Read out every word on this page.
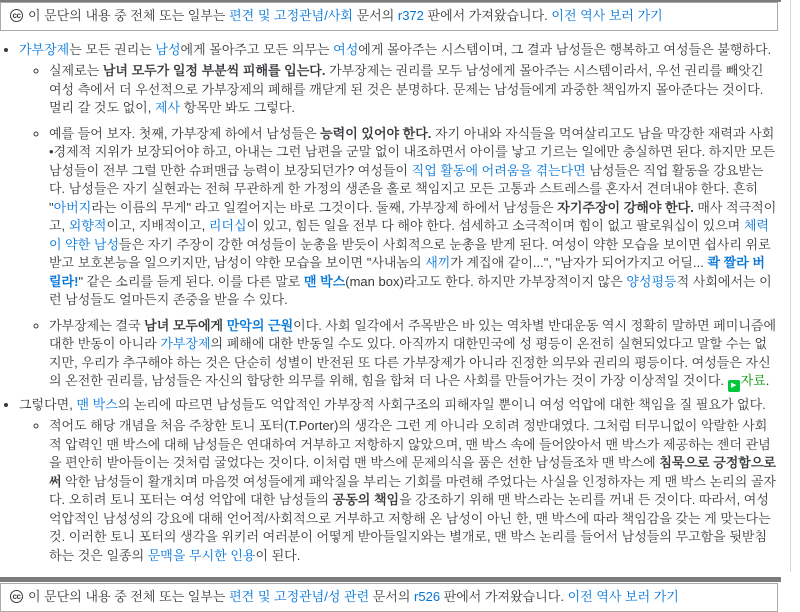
cc 이 문단의 내용 중 전체 또는 일부는 편견 및 고정관념/사회 문서의 r372 판에서 가져왔습니다. 이전 역사 보러 가기
• 가부장제는 모든 권리는 남성에게 몰아주고 모든 의무는 여성에게 몰아주는 시스템이며, 그 결과 남성들은 행복하고 여성들은 불행하다.
◦ 실제로는 남녀 모두가 일정 부분씩 피해를 입는다. 가부장제는 권리를 모두 남성에게 몰아주는 시스템이라서, 우선 권리를 빼앗긴 여성 측에서 더 우선적으로 가부장제의 폐해를 깨닫게 된 것은 분명하다. 문제는 남성들에게 과중한 책임까지 몰아준다는 것이다. 멀리 갈 것도 없이, 제사 항목만 봐도 그렇다.
◦ 예를 들어 보자. 첫째, 가부장제 하에서 남성들은 능력이 있어야 한다. 자기 아내와 자식들을 먹여살리고도 남을 막강한 재력과 사회•경제적 지위가 보장되어야 하고, 아내는 그런 남편을 군말 없이 내조하면서 아이를 낳고 기르는 일에만 충실하면 된다. 하지만 모든 남성들이 전부 그럴 만한 슈퍼맨급 능력이 보장되던가? 여성들이 직업 활동에 어려움을 겪는다면 남성들은 직업 활동을 강요받는다. 남성들은 자기 실현과는 전혀 무관하게 한 가정의 생존을 홀로 책임지고 모든 고통과 스트레스를 혼자서 견뎌내야 한다. 흔히 "아버지라는 이름의 무게" 라고 일컬어지는 바로 그것이다. 둘째, 가부장제 하에서 남성들은 자기주장이 강해야 한다. 매사 적극적이고, 외향적이고, 지배적이고, 리더십이 있고, 힘든 일을 전부 다 해야 한다. 섬세하고 소극적이며 힘이 없고 팔로워십이 있으며 체력이 약한 남성들은 자기 주장이 강한 여성들이 눈총을 받듯이 사회적으로 눈총을 받게 된다. 여성이 약한 모습을 보이면 쉽사리 위로받고 보호본능을 일으키지만, 남성이 약한 모습을 보이면 "사내놈의 새끼가 계집애 같이...", "남자가 되어가지고 어딜... 콱 짤라 버릴라!" 같은 소리를 듣게 된다. 이를 다른 말로 맨 박스(man box)라고도 한다. 하지만 가부장적이지 않은 양성평등적 사회에서는 이런 남성들도 얼마든지 존중을 받을 수 있다.
◦ 가부장제는 결국 남녀 모두에게 만악의 근원이다. 사회 일각에서 주목받은 바 있는 역차별 반대운동 역시 정확히 말하면 페미니즘에 대한 반동이 아니라 가부장제의 폐해에 대한 반동일 수도 있다. 아직까지 대한민국에 성 평등이 온전히 실현되었다고 말할 수는 없지만, 우리가 추구해야 하는 것은 단순히 성별이 반전된 또 다른 가부장제가 아니라 진정한 의무와 권리의 평등이다. 여성들은 자신의 온전한 권리를, 남성들은 자신의 합당한 의무를 위해, 힘을 합쳐 더 나은 사회를 만들어가는 것이 가장 이상적일 것이다. ▶ 자료.
• 그렇다면, 맨 박스의 논리에 따르면 남성들도 억압적인 가부장적 사회구조의 피해자일 뿐이니 여성 억압에 대한 책임을 질 필요가 없다.
◦ 적어도 해당 개념을 처음 주창한 토니 포터(T.Porter)의 생각은 그런 게 아니라 오히려 정반대였다. 그처럼 터무니없이 악랄한 사회적 압력인 맨 박스에 대해 남성들은 연대하여 거부하고 저항하지 않았으며, 맨 박스 속에 들어앉아서 맨 박스가 제공하는 젠더 관념을 편안히 받아들이는 것처럼 굴었다는 것이다. 이처럼 맨 박스에 문제의식을 품은 선한 남성들조차 맨 박스에 침묵으로 긍정함으로써 악한 남성들이 활개치며 마음껏 여성들에게 패악질을 부리는 기회를 마련해 주었다는 사실을 인정하자는 게 맨 박스 논리의 골자다. 오히려 토니 포터는 여성 억압에 대한 남성들의 공동의 책임을 강조하기 위해 맨 박스라는 논리를 꺼내 든 것이다. 따라서, 여성 억압적인 남성성의 강요에 대해 언어적/사회적으로 거부하고 저항해 온 남성이 아닌 한, 맨 박스에 따라 책임감을 갖는 게 맞는다는 것. 이러한 토니 포터의 생각을 위키러 여러분이 어떻게 받아들일지와는 별개로, 맨 박스 논리를 들어서 남성들의 무고함을 뒷받침하는 것은 일종의 문맥을 무시한 인용이 된다.
cc 이 문단의 내용 중 전체 또는 일부는 편견 및 고정관념/성 관련 문서의 r526 판에서 가져왔습니다. 이전 역사 보러 가기
